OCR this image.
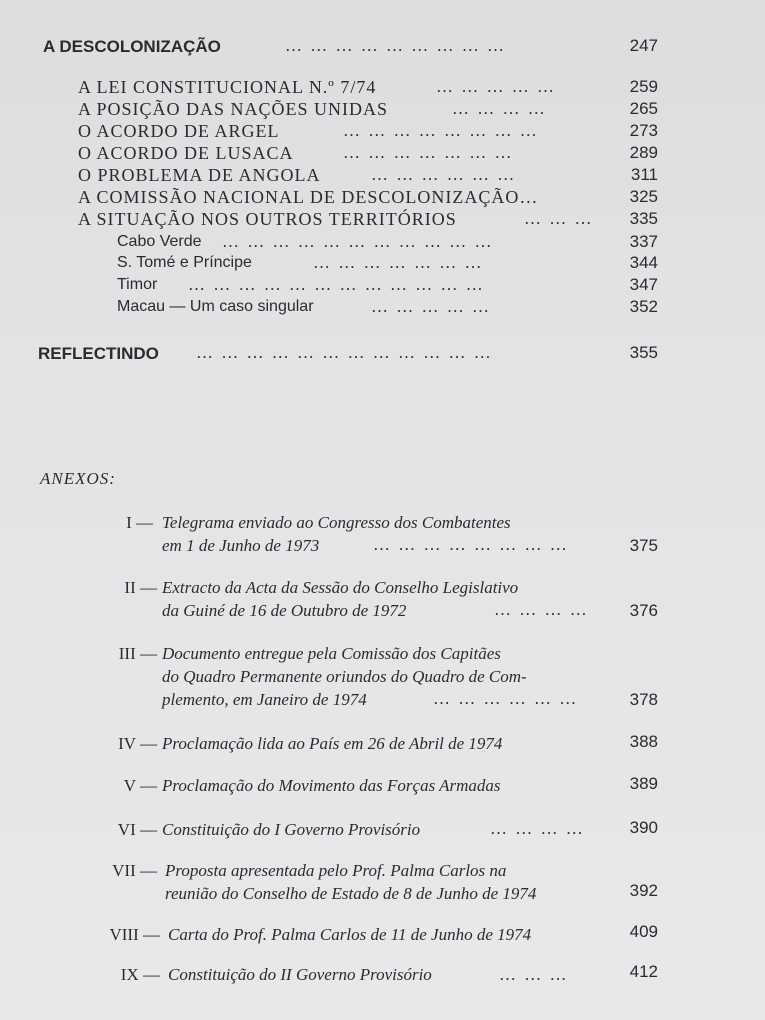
A DESCOLONIZAÇÃO	… … … … … … … … …	247
A LEI CONSTITUCIONAL N.º 7/74	… … … … …	259
A POSIÇÃO DAS NAÇÕES UNIDAS	… … … …	265
O ACORDO DE ARGEL	… … … … … … … …	273
O ACORDO DE LUSACA	… … … … … … …	289
O PROBLEMA DE ANGOLA	… … … … … …	311
A COMISSÃO NACIONAL DE DESCOLONIZAÇÃO…	325
A SITUAÇÃO NOS OUTROS TERRITÓRIOS	… … … 335
Cabo Verde … … … … … … … … … … …	337
S. Tomé e Príncipe	… … … … … … …	344
Timor … … … … … … … … … … … …	347
Macau — Um caso singular	… … … … …	352
REFLECTINDO … … … … … … … … … … … …	355
ANEXOS:
I — Telegrama enviado ao Congresso dos Combatentes
em 1 de Junho de 1973	… … … … … … … …	375
II — Extracto da Acta da Sessão do Conselho Legislativo
da Guiné de 16 de Outubro de 1972	… … … … 376
III — Documento entregue pela Comissão dos Capitães
do Quadro Permanente oriundos do Quadro de Com-
plemento, em Janeiro de 1974	… … … … … …	378
IV — Proclamação lida ao País em 26 de Abril de 1974	388
V — Proclamação do Movimento das Forças Armadas	389
VI — Constituição do I Governo Provisório	… … … …	390
VII — Proposta apresentada pelo Prof. Palma Carlos na
reunião do Conselho de Estado de 8 de Junho de 1974	392
VIII — Carta do Prof. Palma Carlos de 11 de Junho de 1974	409
IX — Constituição do II Governo Provisório	… … …	412
